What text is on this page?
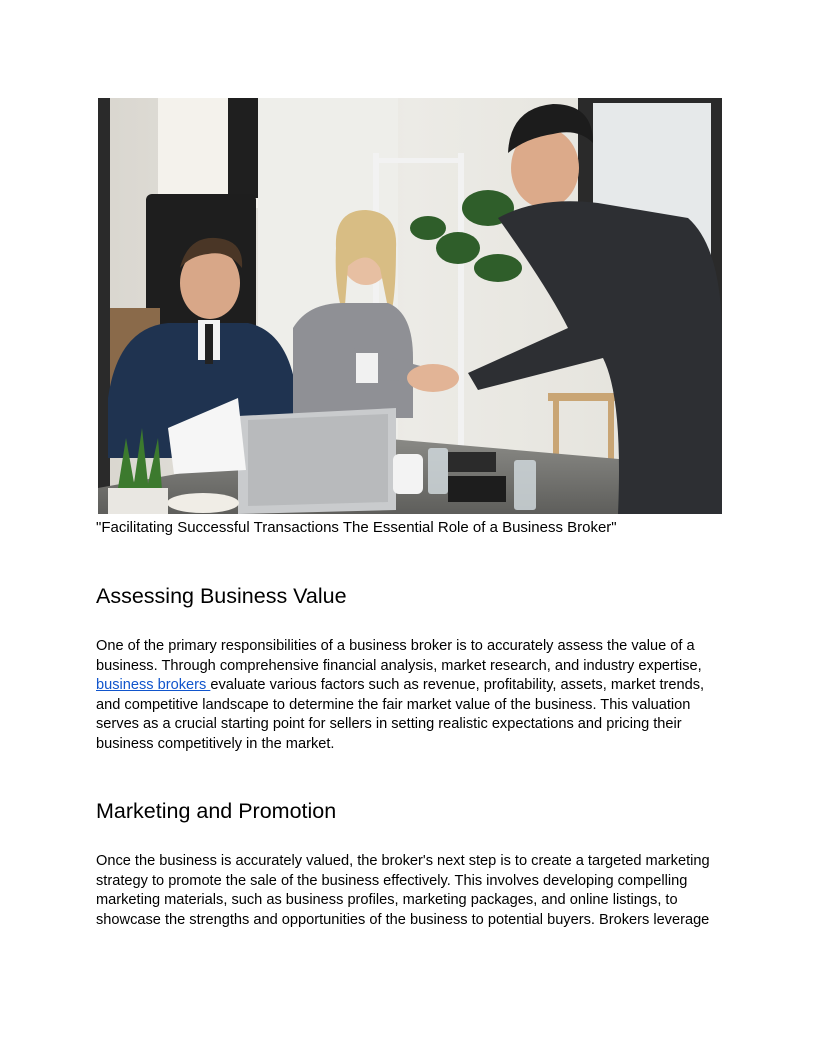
"Facilitating Successful Transactions The Essential Role of a Business Broker"
Assessing Business Value

One of the primary responsibilities of a business broker is to accurately assess the value of a business. Through comprehensive financial analysis, market research, and industry expertise, business brokers evaluate various factors such as revenue, profitability, assets, market trends, and competitive landscape to determine the fair market value of the business. This valuation serves as a crucial starting point for sellers in setting realistic expectations and pricing their business competitively in the market.

Marketing and Promotion

Once the business is accurately valued, the broker's next step is to create a targeted marketing strategy to promote the sale of the business effectively. This involves developing compelling marketing materials, such as business profiles, marketing packages, and online listings, to showcase the strengths and opportunities of the business to potential buyers. Brokers leverage
